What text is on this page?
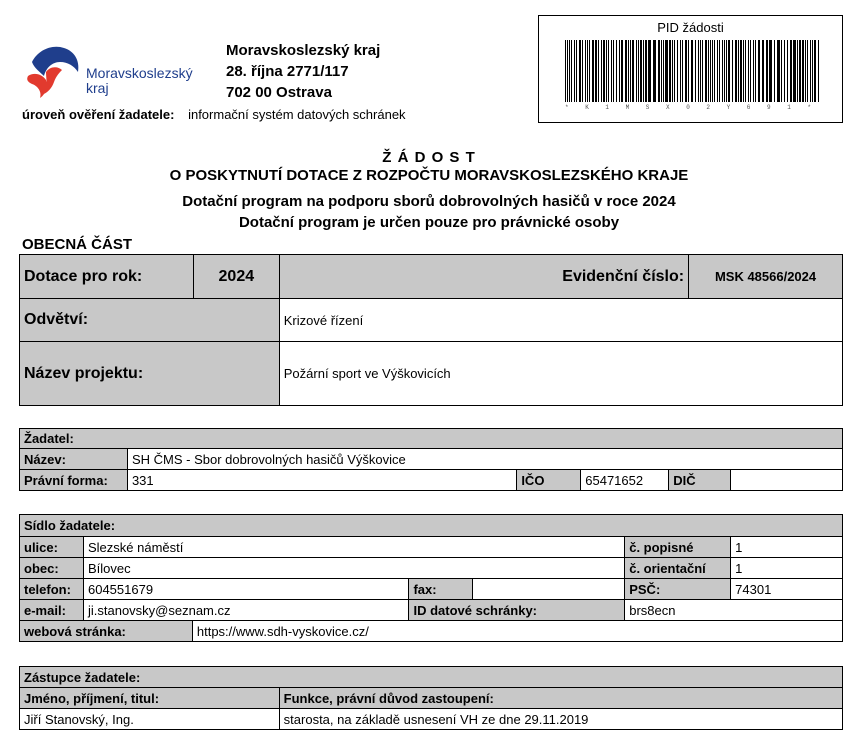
Moravskoslezský
kraj
Moravskoslezský kraj
28. října 2771/117
702 00 Ostrava
úroveň ověření žadatele: informační systém datových schránek
PID žádosti
* K 1 M S X 0 2 Y 6 9 1 *
Ž Á D O S T
O POSKYTNUTÍ DOTACE Z ROZPOČTU MORAVSKOSLEZSKÉHO KRAJE
Dotační program na podporu sborů dobrovolných hasičů v roce 2024
Dotační program je určen pouze pro právnické osoby
OBECNÁ ČÁST
Dotace pro rok:	2024	Evidenční číslo:	MSK 48566/2024
Odvětví:		Krizové řízení	
Název projektu:		Požární sport ve Výškovicích	
Žadatel:					
Název:	SH ČMS - Sbor dobrovolných hasičů Výškovice				
Právní forma:	331	IČO	65471652	DIČ	
Sídlo žadatele:						
ulice:	Slezské náměstí				č. popisné	1
obec:	Bílovec				č. orientační	1
telefon:	604551679		fax:		PSČ:	74301
e-mail:	ji.stanovsky@seznam.cz		ID datové schránky:		brs8ecn	
webová stránka:		https://www.sdh-vyskovice.cz/				
Zástupce žadatele:	
Jméno, příjmení, titul:	Funkce, právní důvod zastoupení:
Jiří Stanovský, Ing.	starosta, na základě usnesení VH ze dne 29.11.2019
